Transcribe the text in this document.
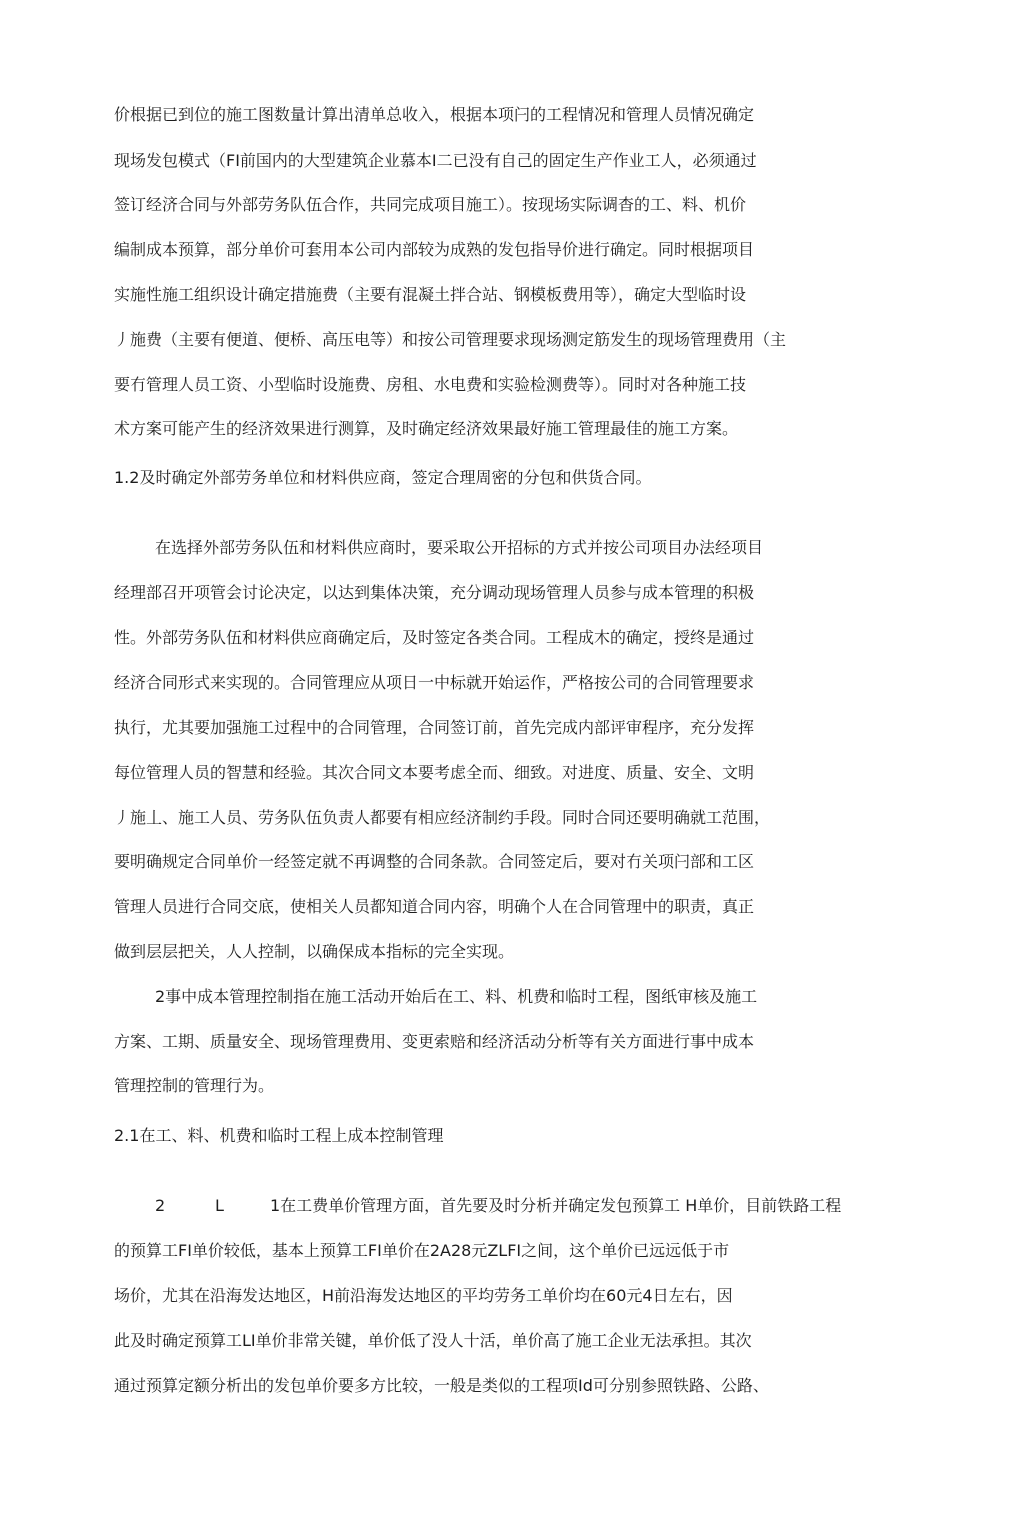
价根据已到位的施工图数量计算出清单总收入，根据本项闩的工程情况和管理人员情况确定

现场发包模式（FI前国内的大型建筑企业慕本I二已没有自己的固定生产作业工人，必须通过

签订经济合同与外部劳务队伍合作，共同完成项目施工）。按现场实际调杳的工、料、机价

编制成本预算，部分单价可套用本公司内部较为成熟的发包指导价进行确定。同时根据项目

实施性施工组织设计确定措施费（主要有混凝土拌合站、钢模板费用等），确定大型临时设

丿施费（主要有便道、便桥、高压电等）和按公司管理要求现场测定筋发生的现场管理费用（主

要冇管理人员工资、小型临时设施费、房租、水电费和实验检测费等）。同时对各种施工技

术方案可能产生的经济效果进行测算，及时确定经济效果最好施工管理最佳的施工方案。

1.2及时确定外部劳务单位和材料供应商，签定合理周密的分包和供货合同。

在选择外部劳务队伍和材料供应商时，要采取公开招标的方式并按公司项目办法经项目

经理部召开项管会讨论决定，以达到集体决策，充分调动现场管理人员参与成本管理的积极

性。外部劳务队伍和材料供应商确定后，及时签定各类合同。工程成木的确定，授终是通过

经济合同形式来实现的。合同管理应从项日一中标就开始运作，严格按公司的合同管理要求

执行，尤其要加强施工过程中的合同管理，合同签订前，首先完成内部评审程序，充分发挥

每位管理人员的智慧和经验。其次合同文本要考虑全而、细致。对进度、质量、安全、文明

丿施丄、施工人员、劳务队伍负责人都要有相应经济制约手段。同时合同还要明确就工范围，

要明确规定合同单价一经签定就不再调整的合同条款。合同签定后，要对冇关项闩部和工区

管理人员进行合同交底，使相关人员都知道合同内容，明确个人在合同管理中的职责，真正

做到层层把关，人人控制，以确保成本指标的完全实现。

2事中成本管理控制指在施工活动开始后在工、料、机费和临时工程，图纸审核及施工

方案、工期、质量安全、现场管理费用、变更索赔和经济活动分析等有关方面进行事中成本

管理控制的管理行为。

2.1在工、料、机费和临时工程上成本控制管理

2	L	1在工费单价管理方面，首先要及时分析并确定发包预算工 H单价，目前铁路工程

的预算工FI单价较低，基本上预算工FI单价在2A28元ZLFI之间，这个单价已远远低于市

场价，尤其在沿海发达地区，H前沿海发达地区的平均劳务工单价均在60元4日左右，因

此及时确定预算工LI单价非常关键，单价低了没人十活，单价高了施工企业无法承担。其次

通过预算定额分析出的发包单价要多方比较，一般是类似的工程项Id可分别参照铁路、公路、
